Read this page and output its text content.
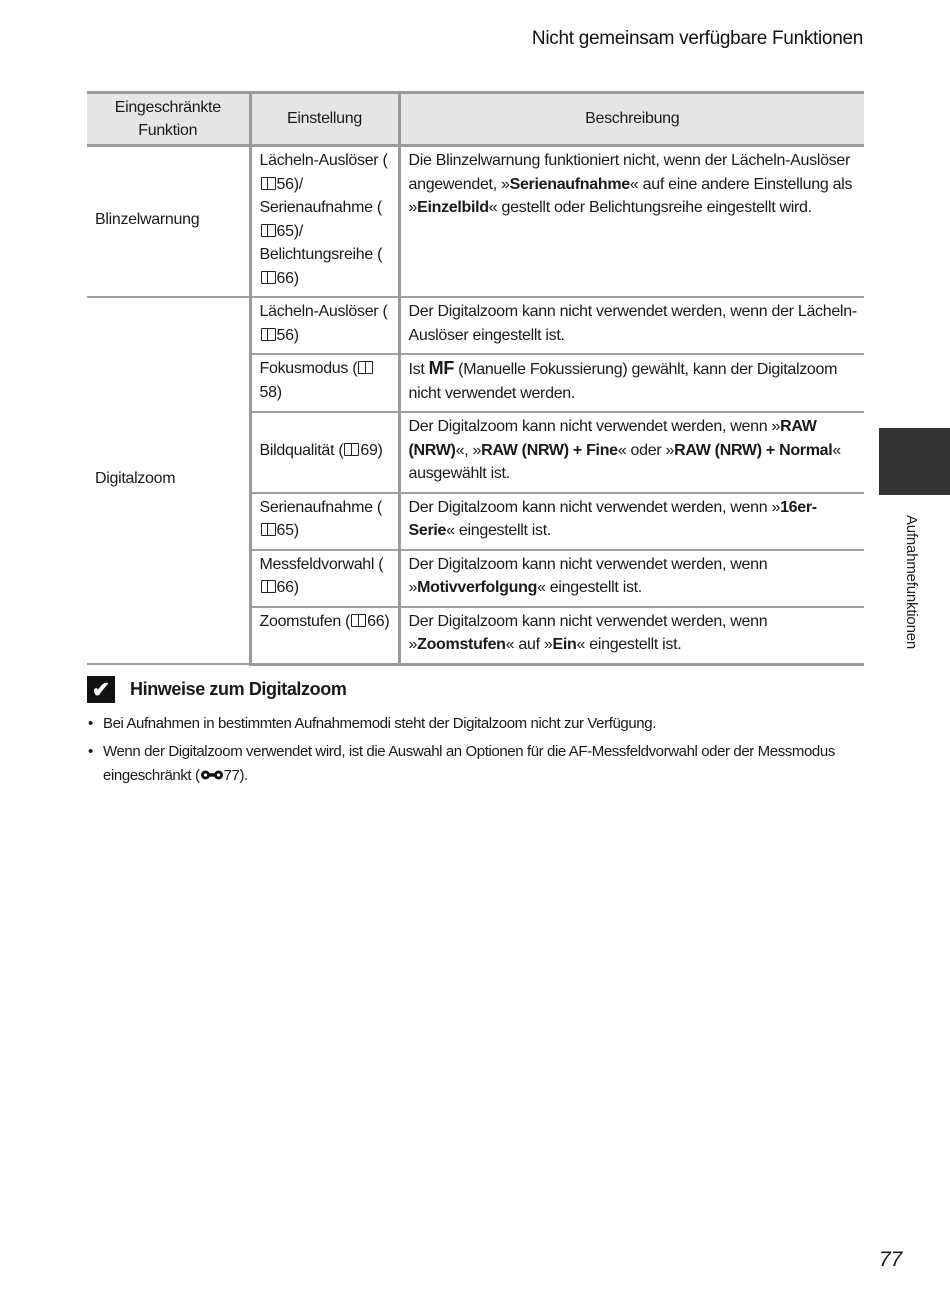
Nicht gemeinsam verfügbare Funktionen
Eingeschränkte Funktion	Einstellung	Beschreibung
Blinzelwarnung	Lächeln-Auslöser (56)/
Serienaufnahme (65)/
Belichtungsreihe (66)	Die Blinzelwarnung funktioniert nicht, wenn der Lächeln-Auslöser angewendet, »Serienaufnahme« auf eine andere Einstellung als »Einzelbild« gestellt oder Belichtungsreihe eingestellt wird.
Digitalzoom	Lächeln-Auslöser (56)	Der Digitalzoom kann nicht verwendet werden, wenn der Lächeln-Auslöser eingestellt ist.
	Fokusmodus (58)	Ist MF (Manuelle Fokussierung) gewählt, kann der Digitalzoom nicht verwendet werden.
	Bildqualität ( 69)	Der Digitalzoom kann nicht verwendet werden, wenn »RAW (NRW)«, »RAW (NRW) + Fine« oder »RAW (NRW) + Normal« ausgewählt ist.
	Serienaufnahme (65)	Der Digitalzoom kann nicht verwendet werden, wenn »16er-Serie« eingestellt ist.
	Messfeldvorwahl (66)	Der Digitalzoom kann nicht verwendet werden, wenn »Motivverfolgung« eingestellt ist.
	Zoomstufen ( 66)	Der Digitalzoom kann nicht verwendet werden, wenn »Zoomstufen« auf »Ein« eingestellt ist.
✔ Hinweise zum Digitalzoom
• Bei Aufnahmen in bestimmten Aufnahmemodi steht der Digitalzoom nicht zur Verfügung.
• Wenn der Digitalzoom verwendet wird, ist die Auswahl an Optionen für die AF-Messfeldvorwahl oder der Messmodus eingeschränkt ( 77).
Aufnahmefunktionen
77
